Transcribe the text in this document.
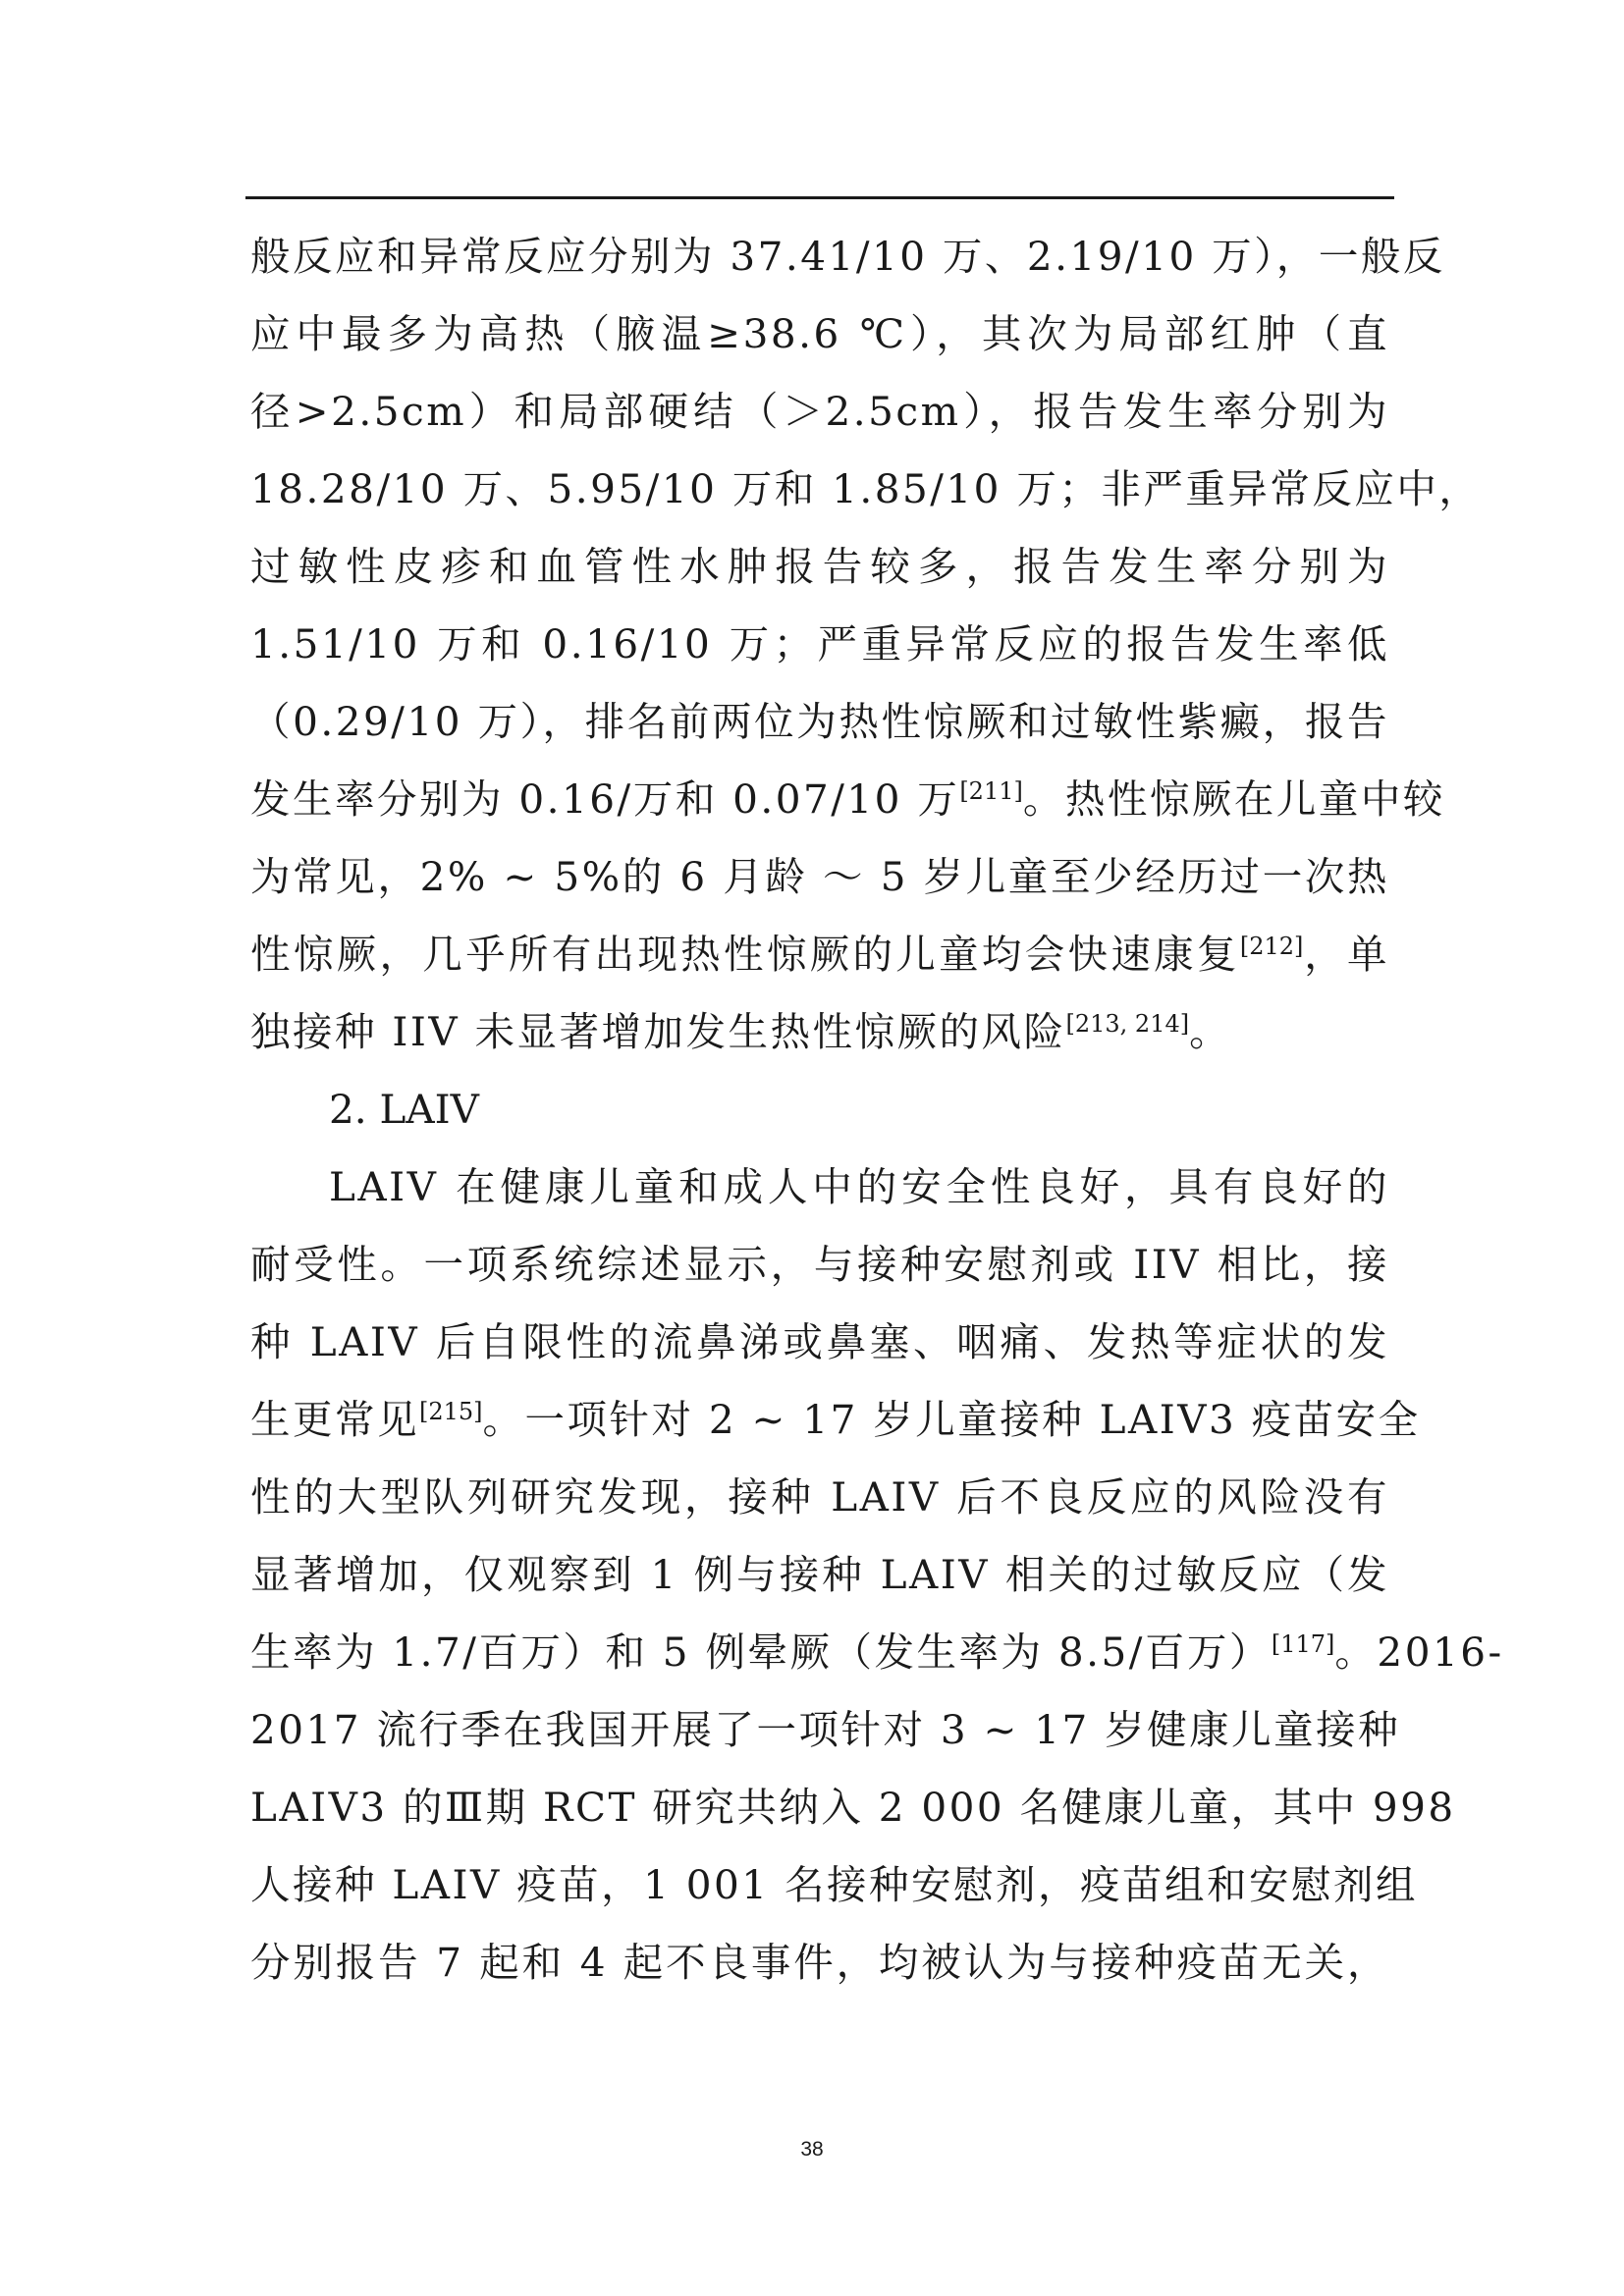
般反应和异常反应分别为 37.41/10 万、2.19/10 万），一般反
应中最多为高热（腋温≥38.6 ℃），其次为局部红肿（直
径>2.5cm）和局部硬结（＞2.5cm），报告发生率分别为
18.28/10 万、5.95/10 万和 1.85/10 万；非严重异常反应中，
过敏性皮疹和血管性水肿报告较多，报告发生率分别为
1.51/10 万和 0.16/10 万；严重异常反应的报告发生率低
（0.29/10 万），排名前两位为热性惊厥和过敏性紫癜，报告
发生率分别为 0.16/万和 0.07/10 万[211]。热性惊厥在儿童中较
为常见，2% ~ 5%的 6 月龄 ～ 5 岁儿童至少经历过一次热
性惊厥，几乎所有出现热性惊厥的儿童均会快速康复[212]，单
独接种 IIV 未显著增加发生热性惊厥的风险[213, 214]。
2. LAIV
LAIV 在健康儿童和成人中的安全性良好，具有良好的
耐受性。一项系统综述显示，与接种安慰剂或 IIV 相比，接
种 LAIV 后自限性的流鼻涕或鼻塞、咽痛、发热等症状的发
生更常见[215]。一项针对 2 ~ 17 岁儿童接种 LAIV3 疫苗安全
性的大型队列研究发现，接种 LAIV 后不良反应的风险没有
显著增加，仅观察到 1 例与接种 LAIV 相关的过敏反应（发
生率为 1.7/百万）和 5 例晕厥（发生率为 8.5/百万）[117]。2016-
2017 流行季在我国开展了一项针对 3 ~ 17 岁健康儿童接种
LAIV3 的Ⅲ期 RCT 研究共纳入 2 000 名健康儿童，其中 998
人接种 LAIV 疫苗，1 001 名接种安慰剂，疫苗组和安慰剂组
分别报告 7 起和 4 起不良事件，均被认为与接种疫苗无关，
38
